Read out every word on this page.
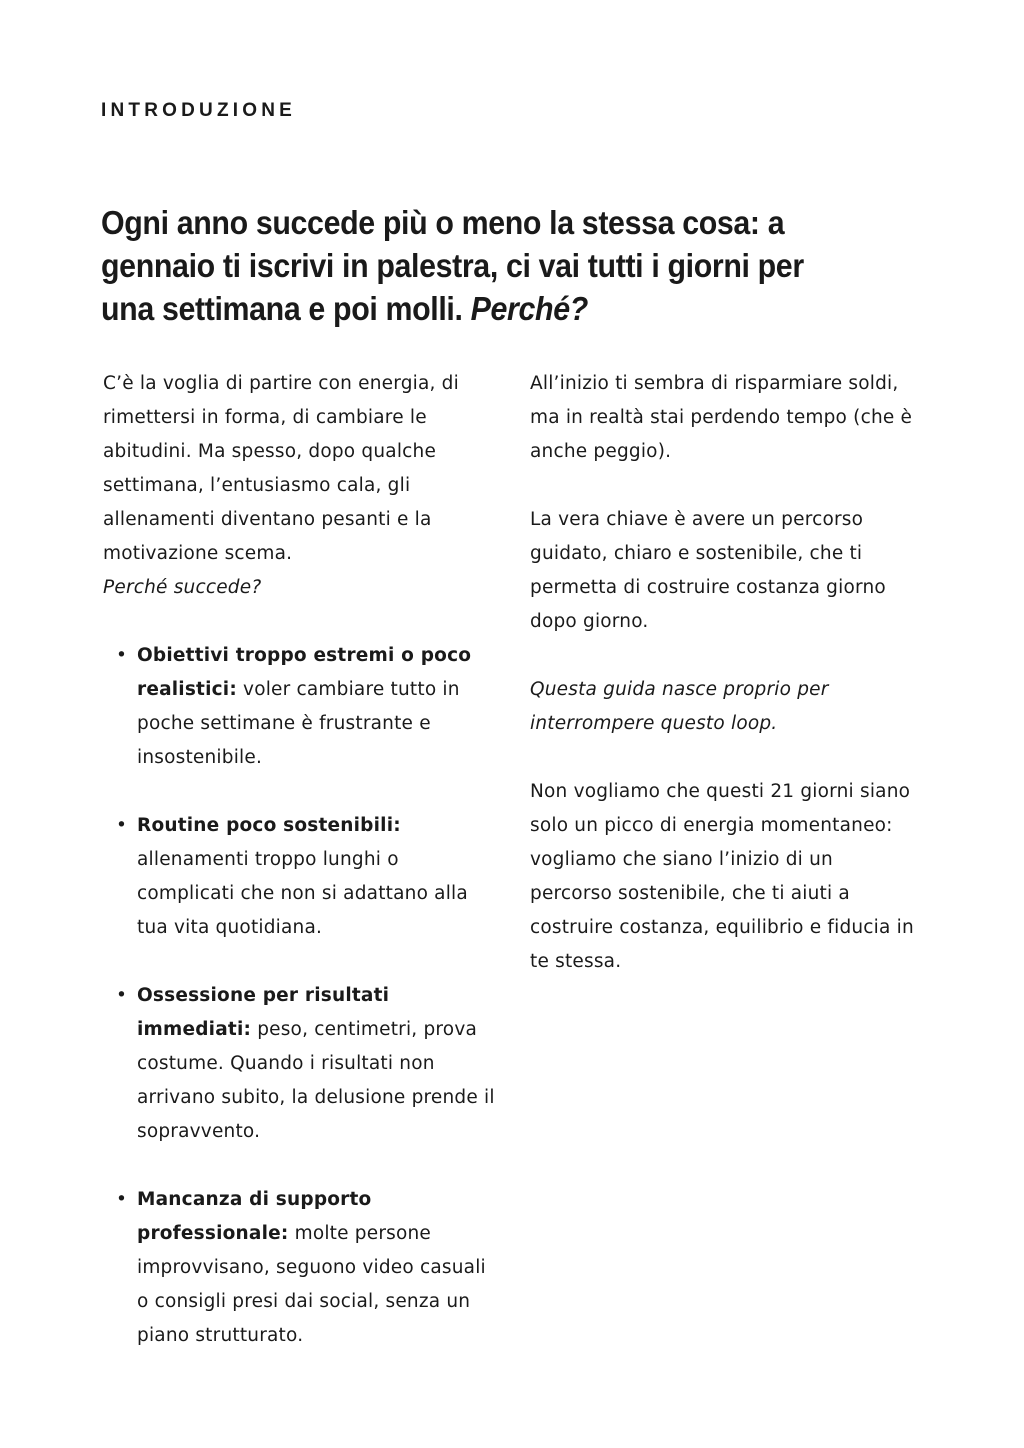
INTRODUZIONE
Ogni anno succede più o meno la stessa cosa: a gennaio ti iscrivi in palestra, ci vai tutti i giorni per una settimana e poi molli. Perché?

C’è la voglia di partire con energia, di rimettersi in forma, di cambiare le abitudini. Ma spesso, dopo qualche settimana, l’entusiasmo cala, gli allenamenti diventano pesanti e la motivazione scema.

Perché succede?

• Obiettivi troppo estremi o poco realistici: voler cambiare tutto in poche settimane è frustrante e insostenibile.
• Routine poco sostenibili: allenamenti troppo lunghi o complicati che non si adattano alla tua vita quotidiana.
• Ossessione per risultati immediati: peso, centimetri, prova costume. Quando i risultati non arrivano subito, la delusione prende il sopravvento.
• Mancanza di supporto professionale: molte persone improvvisano, seguono video casuali o consigli presi dai social, senza un piano strutturato.

All’inizio ti sembra di risparmiare soldi, ma in realtà stai perdendo tempo (che è anche peggio).

La vera chiave è avere un percorso guidato, chiaro e sostenibile, che ti permetta di costruire costanza giorno dopo giorno.

Questa guida nasce proprio per interrompere questo loop.

Non vogliamo che questi 21 giorni siano solo un picco di energia momentaneo: vogliamo che siano l’inizio di un percorso sostenibile, che ti aiuti a costruire costanza, equilibrio e fiducia in te stessa.
